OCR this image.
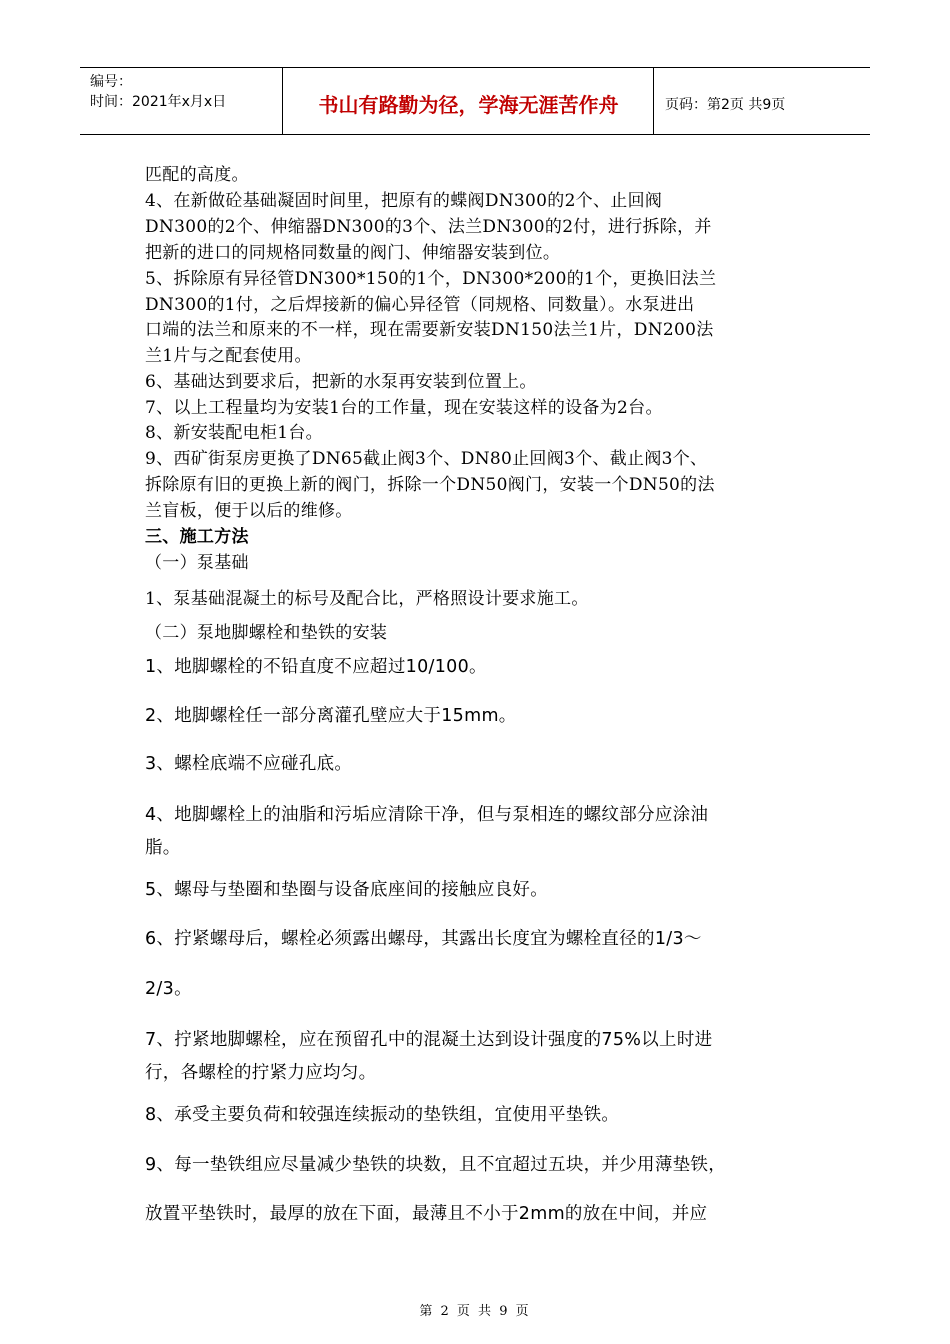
编号：
时间：2021年x月x日	书山有路勤为径，学海无涯苦作舟	页码：第2页 共9页

匹配的高度。

4、在新做砼基础凝固时间里，把原有的蝶阀DN300的2个、止回阀

DN300的2个、伸缩器DN300的3个、法兰DN300的2付，进行拆除，并

把新的进口的同规格同数量的阀门、伸缩器安装到位。

5、拆除原有异径管DN300*150的1个，DN300*200的1个，更换旧法兰

DN300的1付，之后焊接新的偏心异径管（同规格、同数量）。水泵进出

口端的法兰和原来的不一样，现在需要新安装DN150法兰1片，DN200法

兰1片与之配套使用。

6、基础达到要求后，把新的水泵再安装到位置上。

7、以上工程量均为安装1台的工作量，现在安装这样的设备为2台。

8、新安装配电柜1台。

9、西矿街泵房更换了DN65截止阀3个、DN80止回阀3个、截止阀3个、

拆除原有旧的更换上新的阀门，拆除一个DN50阀门，安装一个DN50的法

兰盲板，便于以后的维修。

三、施工方法

（一）泵基础

1、泵基础混凝土的标号及配合比，严格照设计要求施工。

（二）泵地脚螺栓和垫铁的安装

1、地脚螺栓的不铅直度不应超过10/100。

2、地脚螺栓任一部分离灌孔壁应大于15mm。

3、螺栓底端不应碰孔底。

4、地脚螺栓上的油脂和污垢应清除干净，但与泵相连的螺纹部分应涂油

脂。

5、螺母与垫圈和垫圈与设备底座间的接触应良好。

6、拧紧螺母后，螺栓必须露出螺母，其露出长度宜为螺栓直径的1/3～

2/3。

7、拧紧地脚螺栓，应在预留孔中的混凝土达到设计强度的75%以上时进

行，各螺栓的拧紧力应均匀。

8、承受主要负荷和较强连续振动的垫铁组，宜使用平垫铁。

9、每一垫铁组应尽量减少垫铁的块数，且不宜超过五块，并少用薄垫铁，

放置平垫铁时，最厚的放在下面，最薄且不小于2mm的放在中间，并应

第 2 页 共 9 页
